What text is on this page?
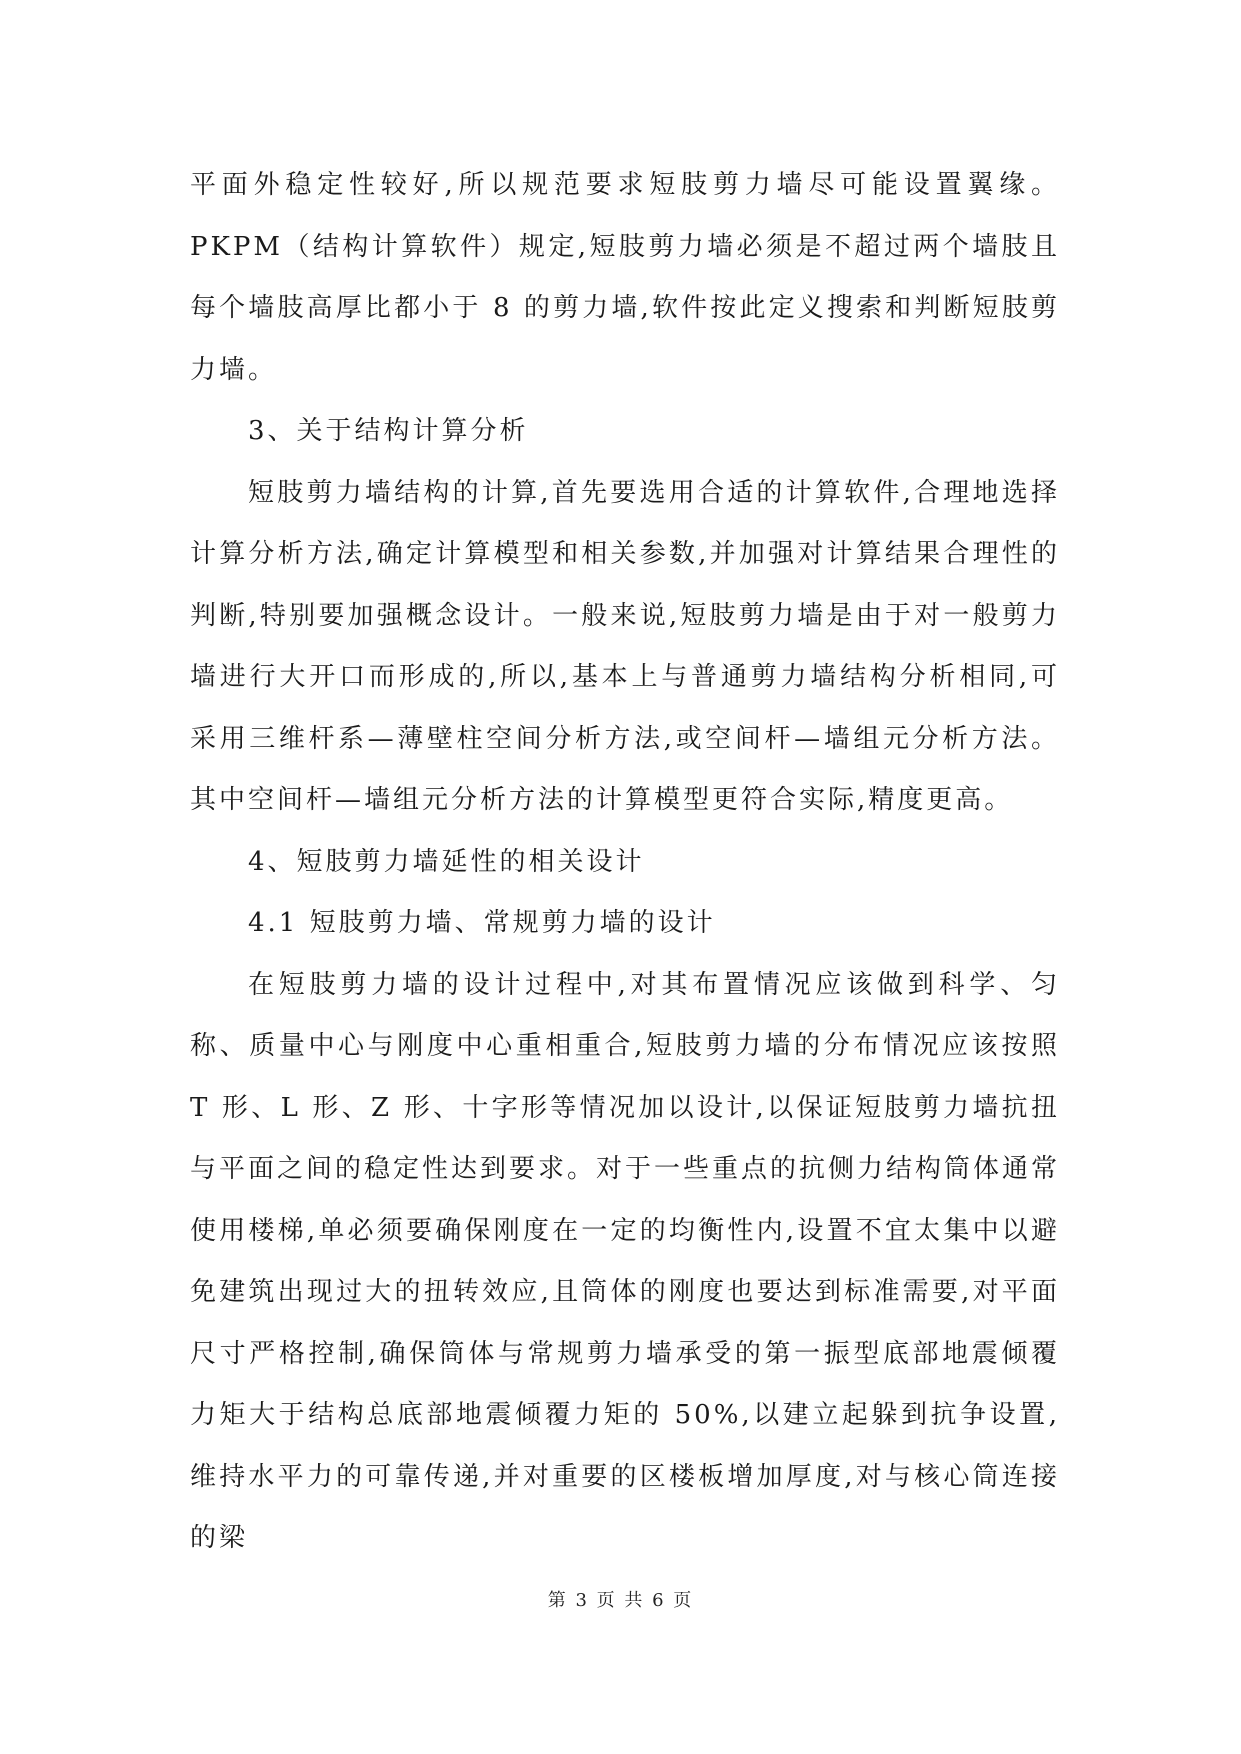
平面外稳定性较好,所以规范要求短肢剪力墙尽可能设置翼缘。PKPM（结构计算软件）规定,短肢剪力墙必须是不超过两个墙肢且每个墙肢高厚比都小于 8 的剪力墙,软件按此定义搜索和判断短肢剪力墙。

3、关于结构计算分析

短肢剪力墙结构的计算,首先要选用合适的计算软件,合理地选择计算分析方法,确定计算模型和相关参数,并加强对计算结果合理性的判断,特别要加强概念设计。一般来说,短肢剪力墙是由于对一般剪力墙进行大开口而形成的,所以,基本上与普通剪力墙结构分析相同,可采用三维杆系—薄壁柱空间分析方法,或空间杆—墙组元分析方法。其中空间杆—墙组元分析方法的计算模型更符合实际,精度更高。

4、短肢剪力墙延性的相关设计

4.1 短肢剪力墙、常规剪力墙的设计

在短肢剪力墙的设计过程中,对其布置情况应该做到科学、匀称、质量中心与刚度中心重相重合,短肢剪力墙的分布情况应该按照 T 形、L 形、Z 形、十字形等情况加以设计,以保证短肢剪力墙抗扭与平面之间的稳定性达到要求。对于一些重点的抗侧力结构筒体通常使用楼梯,单必须要确保刚度在一定的均衡性内,设置不宜太集中以避免建筑出现过大的扭转效应,且筒体的刚度也要达到标准需要,对平面尺寸严格控制,确保筒体与常规剪力墙承受的第一振型底部地震倾覆力矩大于结构总底部地震倾覆力矩的 50%,以建立起躲到抗争设置,维持水平力的可靠传递,并对重要的区楼板增加厚度,对与核心筒连接的梁

第 3 页 共 6 页
